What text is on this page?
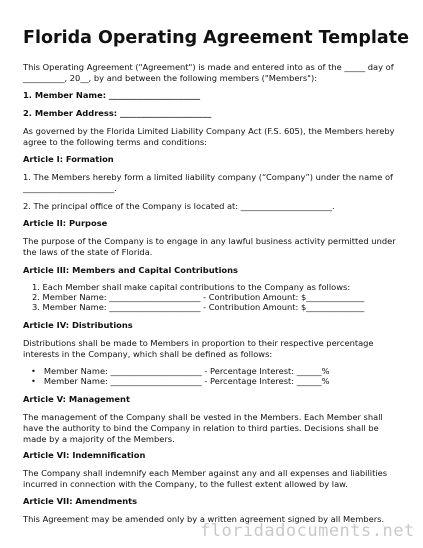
Florida Operating Agreement Template
This Operating Agreement ("Agreement") is made and entered into as of the _____ day of
__________, 20__, by and between the following members ("Members"):
1. Member Name: ______________________
2. Member Address: ______________________
As governed by the Florida Limited Liability Company Act (F.S. 605), the Members hereby
agree to the following terms and conditions:
Article I: Formation
1. The Members hereby form a limited liability company (“Company”) under the name of
______________________.
2. The principal office of the Company is located at: ______________________.
Article II: Purpose
The purpose of the Company is to engage in any lawful business activity permitted under
the laws of the state of Florida.
Article III: Members and Capital Contributions
1. Each Member shall make capital contributions to the Company as follows:
2. Member Name: ______________________ - Contribution Amount: $______________
3. Member Name: ______________________ - Contribution Amount: $______________
Article IV: Distributions
Distributions shall be made to Members in proportion to their respective percentage
interests in the Company, which shall be defined as follows:
•   Member Name: ______________________ - Percentage Interest: ______%
•   Member Name: ______________________ - Percentage Interest: ______%
Article V: Management
The management of the Company shall be vested in the Members. Each Member shall
have the authority to bind the Company in relation to third parties. Decisions shall be
made by a majority of the Members.
Article VI: Indemnification
The Company shall indemnify each Member against any and all expenses and liabilities
incurred in connection with the Company, to the fullest extent allowed by law.
Article VII: Amendments
This Agreement may be amended only by a written agreement signed by all Members.
floridadocuments.net
